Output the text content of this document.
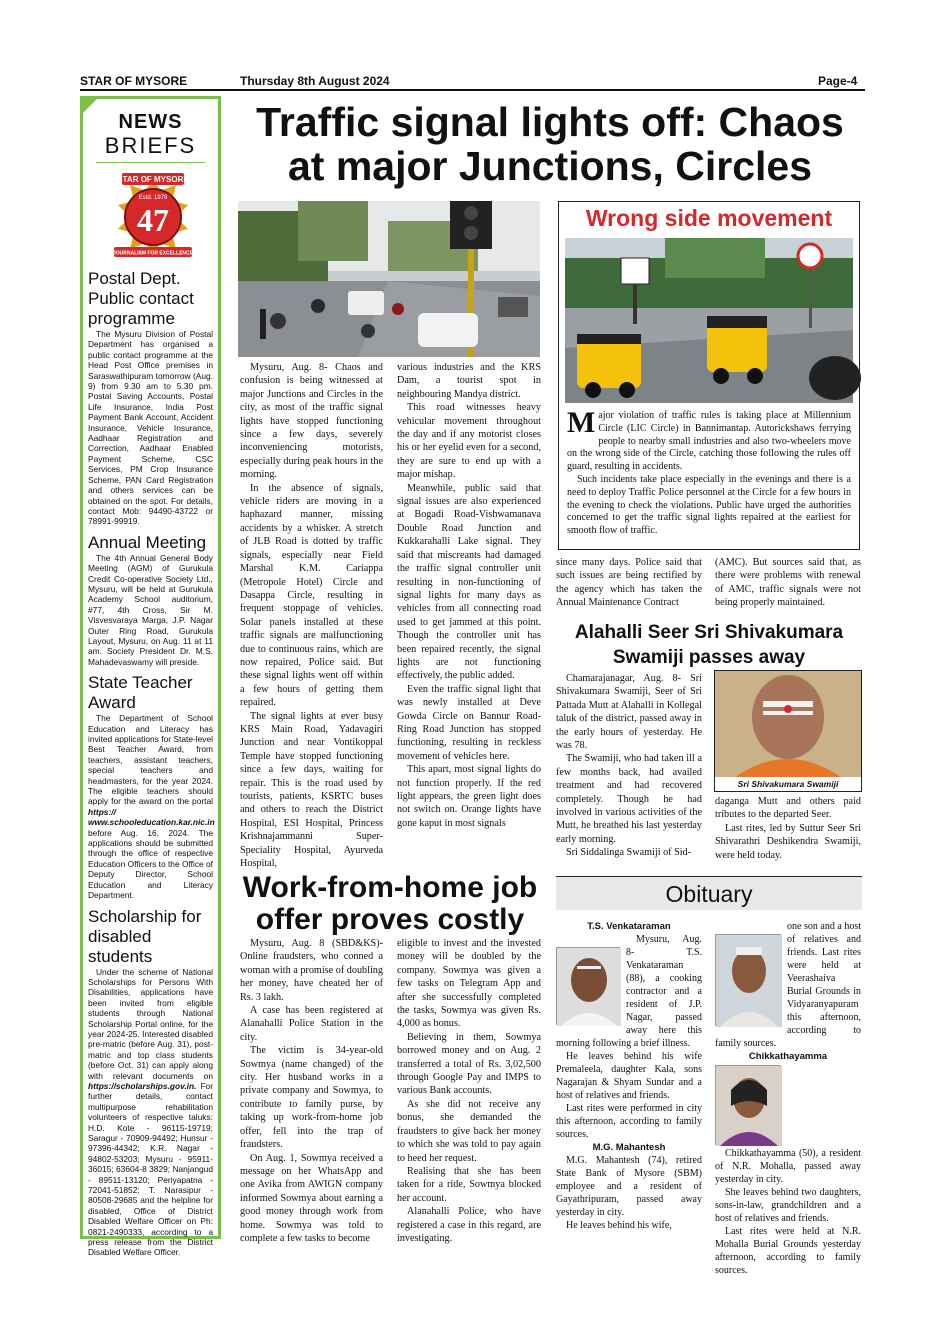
STAR OF MYSORE	Thursday 8th August 2024	Page-4
NEWS
BRIEFS
STAR OF MYSORE
Estd. 1978
47
JOURNALISM FOR EXCELLENCE
Postal Dept. Public contact programme
The Mysuru Division of Postal Department has organised a public contact programme at the Head Post Office premises in Saraswathipuram tomorrow (Aug. 9) from 9.30 am to 5.30 pm. Postal Saving Accounts, Postal Life Insurance, India Post Payment Bank Account, Accident Insurance, Vehicle Insurance, Aadhaar Registration and Correction, Aadhaar Enabled Payment Scheme, CSC Services, PM Crop Insurance Scheme, PAN Card Registration and others services can be obtained on the spot. For details, contact Mob: 94490-43722 or 78991-99919.
Annual Meeting
The 4th Annual General Body Meeting (AGM) of Gurukula Credit Co-operative Society Ltd., Mysuru, will be held at Gurukula Academy School auditorium, #77, 4th Cross, Sir M. Visvesvaraya Marga, J.P. Nagar Outer Ring Road, Gurukula Layout, Mysuru, on Aug. 11 at 11 am. Society President Dr. M.S. Mahadevaswamy will preside.
State Teacher Award
The Department of School Education and Literacy has invited applications for State-level Best Teacher Award, from teachers, assistant teachers, special teachers and headmasters, for the year 2024. The eligible teachers should apply for the award on the portal https:// www.schooleducation.kar.nic.in before Aug. 16, 2024. The applications should be submitted through the office of respective Education Officers to the Office of Deputy Director, School Education and Literacy Department.
Scholarship for disabled students
Under the scheme of National Scholarships for Persons With Disabilities, applications have been invited from eligible students through National Scholarship Portal online, for the year 2024-25. Interested disabled pre-matric (before Aug. 31), post-matric and top class students (before Oct. 31) can apply along with relevant documents on https://scholarships.gov.in. For further details, contact multipurpose rehabilitation volunteers of respective taluks: H.D. Kote - 96115-19719; Saragur - 70909-94492; Hunsur - 97396-44342; K.R. Nagar - 94802-53203; Mysuru - 95911-36015; 63604-8 3829; Nanjangud - 89511-13120; Periyapatna - 72041-51852; T. Narasipur - 80508-29685 and the helpline for disabled, Office of District Disabled Welfare Officer on Ph: 0821-2490333, according to a press release from the District Disabled Welfare Officer.
Traffic signal lights off: Chaos
at major Junctions, Circles

Mysuru, Aug. 8- Chaos and confusion is being witnessed at major Junctions and Circles in the city, as most of the traffic signal lights have stopped functioning since a few days, severely inconveniencing motorists, especially during peak hours in the morning.

In the absence of signals, vehicle riders are moving in a haphazard manner, missing accidents by a whisker. A stretch of JLB Road is dotted by traffic signals, especially near Field Marshal K.M. Cariappa (Metropole Hotel) Circle and Dasappa Circle, resulting in frequent stoppage of vehicles. Solar panels installed at these traffic signals are malfunctioning due to continuous rains, which are now repaired, Police said. But these signal lights went off within a few hours of getting them repaired.

The signal lights at ever busy KRS Main Road, Yadavagiri Junction and near Vontikoppal Temple have stopped functioning since a few days, waiting for repair. This is the road used by tourists, patients, KSRTC buses and others to reach the District Hospital, ESI Hospital, Princess Krishnajammanni Super-Speciality Hospital, Ayurveda Hospital,

various industries and the KRS Dam, a tourist spot in neighbouring Mandya district.

This road witnesses heavy vehicular movement throughout the day and if any motorist closes his or her eyelid even for a second, they are sure to end up with a major mishap.

Meanwhile, public said that signal issues are also experienced at Bogadi Road-Vishwamanava Double Road Junction and Kukkarahalli Lake signal. They said that miscreants had damaged the traffic signal controller unit resulting in non-functioning of signal lights for many days as vehicles from all connecting road used to get jammed at this point. Though the controller unit has been repaired recently, the signal lights are not functioning effectively, the public added.

Even the traffic signal light that was newly installed at Deve Gowda Circle on Bannur Road-Ring Road Junction has stopped functioning, resulting in reckless movement of vehicles here.

This apart, most signal lights do not function properly. If the red light appears, the green light does not switch on. Orange lights have gone kaput in most signals

Wrong side movement

Major violation of traffic rules is taking place at Millennium Circle (LIC Circle) in Bannimantap. Autorickshaws ferrying people to nearby small industries and also two-wheelers move on the wrong side of the Circle, catching those following the rules off guard, resulting in accidents.

Such incidents take place especially in the evenings and there is a need to deploy Traffic Police personnel at the Circle for a few hours in the evening to check the violations. Public have urged the authorities concerned to get the traffic signal lights repaired at the earliest for smooth flow of traffic.

since many days. Police said that such issues are being rectified by the agency which has taken the Annual Maintenance Contract

(AMC). But sources said that, as there were problems with renewal of AMC, traffic signals were not being properly maintained.

Alahalli Seer Sri Shivakumara
Swamiji passes away

Chamarajanagar, Aug. 8- Sri Shivakumara Swamiji, Seer of Sri Pattada Mutt at Alahalli in Kollegal taluk of the district, passed away in the early hours of yesterday. He was 78.

The Swamiji, who had taken ill a few months back, had availed treatment and had recovered completely. Though he had involved in various activities of the Mutt, he breathed his last yesterday early morning.

Sri Siddalinga Swamiji of Sid-

Sri Shivakumara Swamiji

daganga Mutt and others paid tributes to the departed Seer.

Last rites, led by Suttur Seer Sri Shivarathri Deshikendra Swamiji, were held today.

Work-from-home job
offer proves costly

Mysuru, Aug. 8 (SBD&KS)- Online fraudsters, who conned a woman with a promise of doubling her money, have cheated her of Rs. 3 lakh.

A case has been registered at Alanahalli Police Station in the city.

The victim is 34-year-old Sowmya (name changed) of the city. Her husband works in a private company and Sowmya, to contribute to family purse, by taking up work-from-home job offer, fell into the trap of fraudsters.

On Aug. 1, Sowmya received a message on her WhatsApp and one Avika from AWIGN company informed Sowmya about earning a good money through work from home. Sowmya was told to complete a few tasks to become

eligible to invest and the invested money will be doubled by the company. Sowmya was given a few tasks on Telegram App and after she successfully completed the tasks, Sowmya was given Rs. 4,000 as bonus.

Believing in them, Sowmya borrowed money and on Aug. 2 transferred a total of Rs. 3,02,500 through Google Pay and IMPS to various Bank accounts.

As she did not receive any bonus, she demanded the fraudsters to give back her money to which she was told to pay again to heed her request.

Realising that she has been taken for a ride, Sowmya blocked her account.

Alanahalli Police, who have registered a case in this regard, are investigating.

Obituary
T.S. Venkataraman

Mysuru, Aug. 8- T.S. Venkataraman (88), a cooking contractor and a resident of J.P. Nagar, passed away here this morning following a brief illness.

He leaves behind his wife Premaleela, daughter Kala, sons Nagarajan & Shyam Sundar and a host of relatives and friends.

Last rites were performed in city this afternoon, according to family sources.

M.G. Mahantesh

M.G. Mahantesh (74), retired State Bank of Mysore (SBM) employee and a resident of Gayathripuram, passed away yesterday in city.

He leaves behind his wife,

one son and a host of relatives and friends. Last rites were held at Veerashaiva Burial Grounds in Vidyaranyapuram this afternoon, according to family sources.

Chikkathayamma

Chikkathayamma (50), a resident of N.R. Mohalla, passed away yesterday in city.

She leaves behind two daughters, sons-in-law, grandchildren and a host of relatives and friends.

Last rites were held at N.R. Mohalla Burial Grounds yesterday afternoon, according to family sources.
